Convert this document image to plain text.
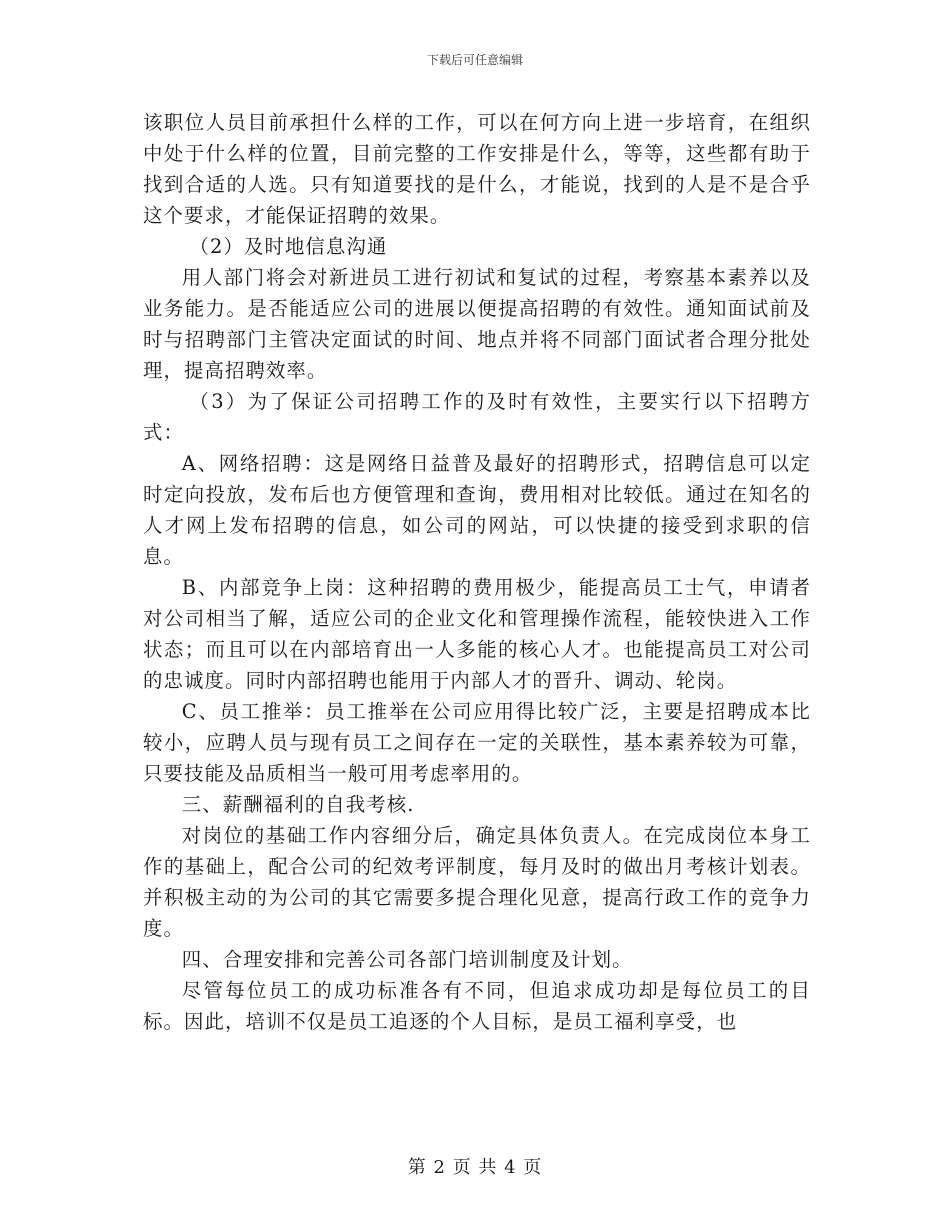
下载后可任意编辑

该职位人员目前承担什么样的工作，可以在何方向上进一步培育，在组织中处于什么样的位置，目前完整的工作安排是什么，等等，这些都有助于找到合适的人选。只有知道要找的是什么，才能说，找到的人是不是合乎这个要求，才能保证招聘的效果。

（2）及时地信息沟通

用人部门将会对新进员工进行初试和复试的过程，考察基本素养以及业务能力。是否能适应公司的进展以便提高招聘的有效性。通知面试前及时与招聘部门主管决定面试的时间、地点并将不同部门面试者合理分批处理，提高招聘效率。

（3）为了保证公司招聘工作的及时有效性，主要实行以下招聘方式：

A、网络招聘：这是网络日益普及最好的招聘形式，招聘信息可以定时定向投放，发布后也方便管理和查询，费用相对比较低。通过在知名的人才网上发布招聘的信息，如公司的网站，可以快捷的接受到求职的信息。

B、内部竞争上岗：这种招聘的费用极少，能提高员工士气，申请者对公司相当了解，适应公司的企业文化和管理操作流程，能较快进入工作状态；而且可以在内部培育出一人多能的核心人才。也能提高员工对公司的忠诚度。同时内部招聘也能用于内部人才的晋升、调动、轮岗。

C、员工推举：员工推举在公司应用得比较广泛，主要是招聘成本比较小，应聘人员与现有员工之间存在一定的关联性，基本素养较为可靠，只要技能及品质相当一般可用考虑率用的。

三、薪酬福利的自我考核.

对岗位的基础工作内容细分后，确定具体负责人。在完成岗位本身工作的基础上，配合公司的纪效考评制度，每月及时的做出月考核计划表。并积极主动的为公司的其它需要多提合理化见意，提高行政工作的竞争力度。

四、合理安排和完善公司各部门培训制度及计划。

尽管每位员工的成功标准各有不同，但追求成功却是每位员工的目标。因此，培训不仅是员工追逐的个人目标，是员工福利享受，也

第 2 页 共 4 页
